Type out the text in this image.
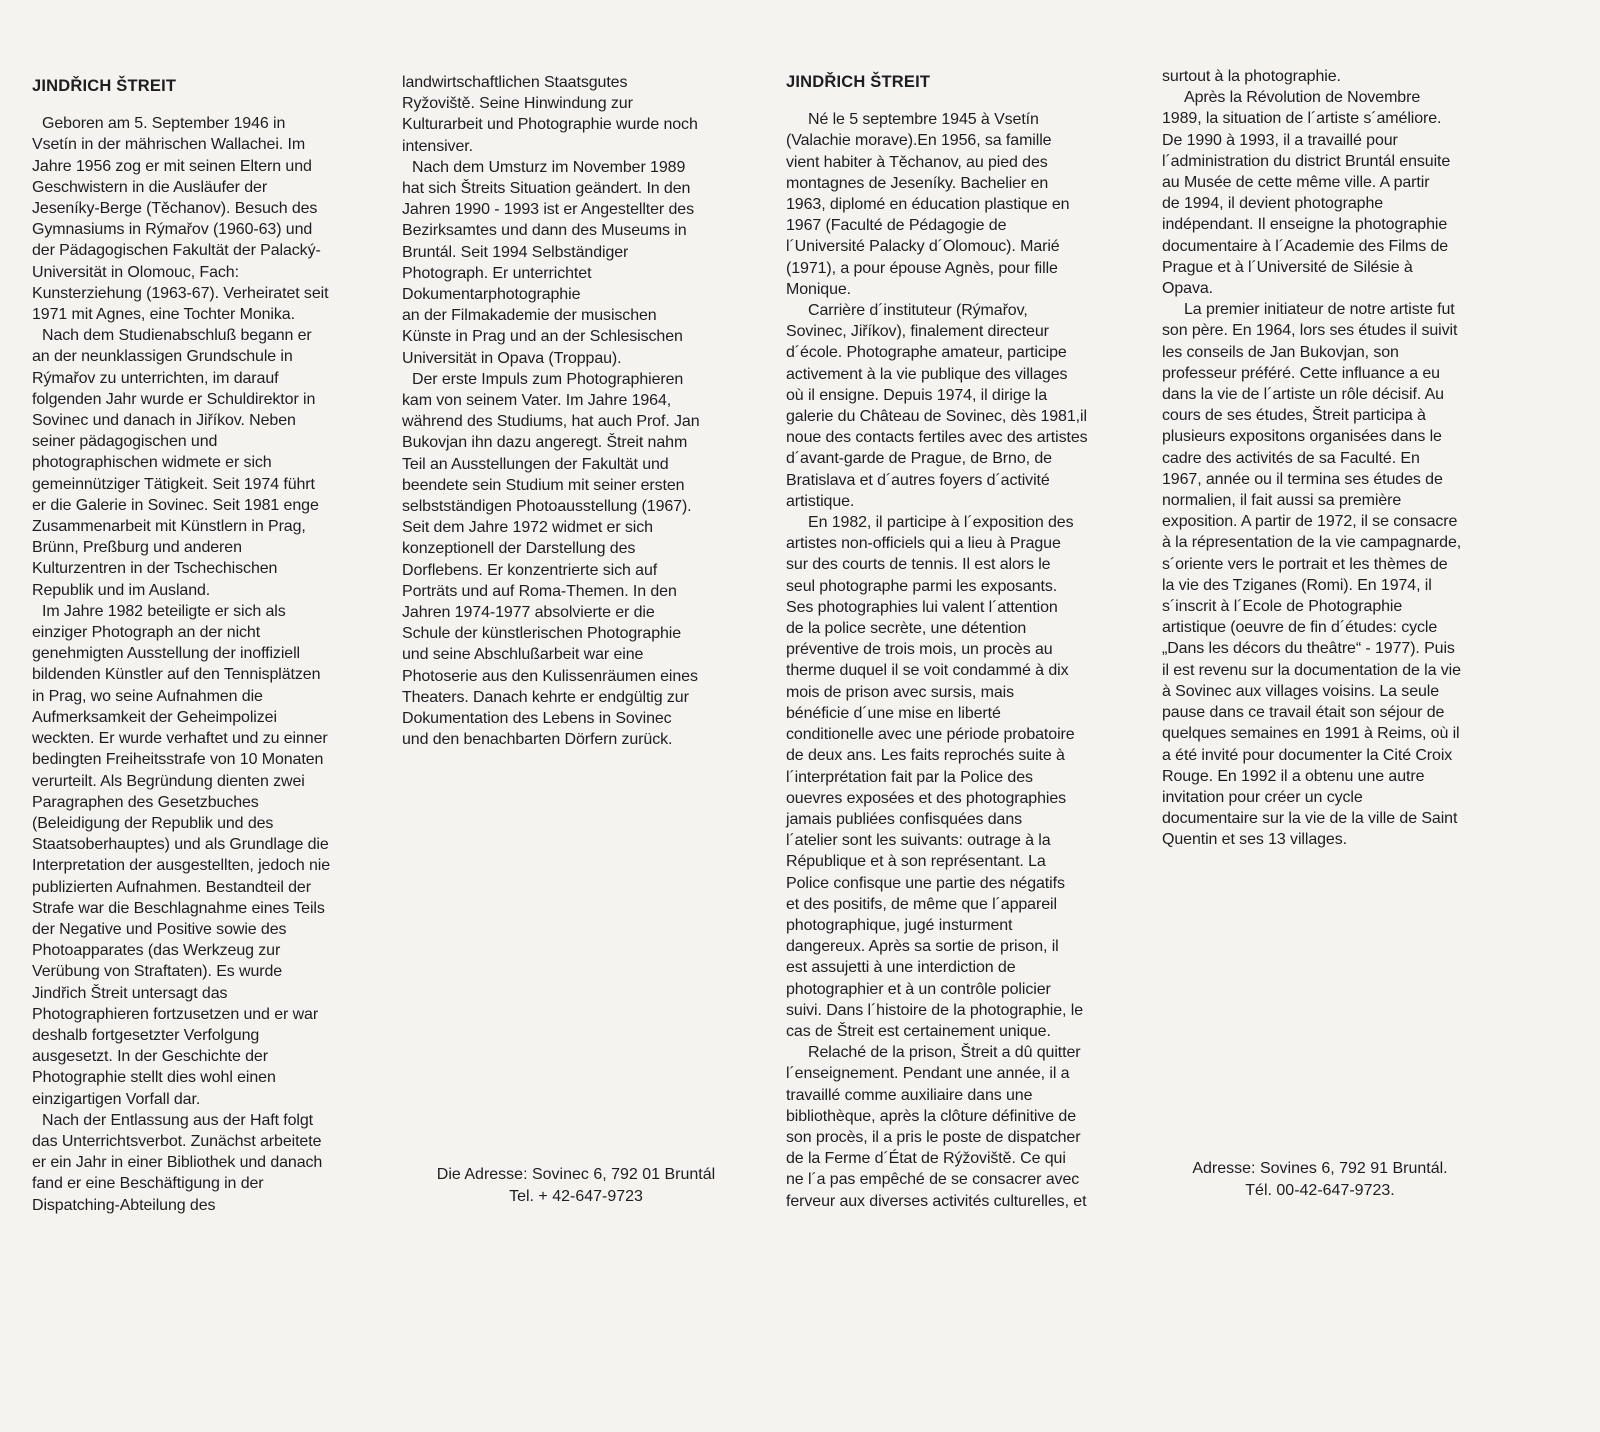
JINDŘICH ŠTREIT
Geboren am 5. September 1946 in
Vsetín in der mährischen Wallachei. Im
Jahre 1956 zog er mit seinen Eltern und
Geschwistern in die Ausläufer der
Jeseníky-Berge (Těchanov). Besuch des
Gymnasiums in Rýmařov (1960-63) und
der Pädagogischen Fakultät der Palacký-
Universität in Olomouc, Fach:
Kunsterziehung (1963-67). Verheiratet seit
1971 mit Agnes, eine Tochter Monika.
Nach dem Studienabschluß begann er
an der neunklassigen Grundschule in
Rýmařov zu unterrichten, im darauf
folgenden Jahr wurde er Schuldirektor in
Sovinec und danach in Jiříkov. Neben
seiner pädagogischen und
photographischen widmete er sich
gemeinnütziger Tätigkeit. Seit 1974 führt
er die Galerie in Sovinec. Seit 1981 enge
Zusammenarbeit mit Künstlern in Prag,
Brünn, Preßburg und anderen
Kulturzentren in der Tschechischen
Republik und im Ausland.
Im Jahre 1982 beteiligte er sich als
einziger Photograph an der nicht
genehmigten Ausstellung der inoffiziell
bildenden Künstler auf den Tennisplätzen
in Prag, wo seine Aufnahmen die
Aufmerksamkeit der Geheimpolizei
weckten. Er wurde verhaftet und zu einner
bedingten Freiheitsstrafe von 10 Monaten
verurteilt. Als Begründung dienten zwei
Paragraphen des Gesetzbuches
(Beleidigung der Republik und des
Staatsoberhauptes) und als Grundlage die
Interpretation der ausgestellten, jedoch nie
publizierten Aufnahmen. Bestandteil der
Strafe war die Beschlagnahme eines Teils
der Negative und Positive sowie des
Photoapparates (das Werkzeug zur
Verübung von Straftaten). Es wurde
Jindřich Štreit untersagt das
Photographieren fortzusetzen und er war
deshalb fortgesetzter Verfolgung
ausgesetzt. In der Geschichte der
Photographie stellt dies wohl einen
einzigartigen Vorfall dar.
Nach der Entlassung aus der Haft folgt
das Unterrichtsverbot. Zunächst arbeitete
er ein Jahr in einer Bibliothek und danach
fand er eine Beschäftigung in der
Dispatching-Abteilung des
landwirtschaftlichen Staatsgutes
Ryžoviště. Seine Hinwindung zur
Kulturarbeit und Photographie wurde noch
intensiver.
Nach dem Umsturz im November 1989
hat sich Štreits Situation geändert. In den
Jahren 1990 - 1993 ist er Angestellter des
Bezirksamtes und dann des Museums in
Bruntál. Seit 1994 Selbständiger
Photograph. Er unterrichtet
Dokumentarphotographie
an der Filmakademie der musischen
Künste in Prag und an der Schlesischen
Universität in Opava (Troppau).
Der erste Impuls zum Photographieren
kam von seinem Vater. Im Jahre 1964,
während des Studiums, hat auch Prof. Jan
Bukovjan ihn dazu angeregt. Štreit nahm
Teil an Ausstellungen der Fakultät und
beendete sein Studium mit seiner ersten
selbstständigen Photoausstellung (1967).
Seit dem Jahre 1972 widmet er sich
konzeptionell der Darstellung des
Dorflebens. Er konzentrierte sich auf
Porträts und auf Roma-Themen. In den
Jahren 1974-1977 absolvierte er die
Schule der künstlerischen Photographie
und seine Abschlußarbeit war eine
Photoserie aus den Kulissenräumen eines
Theaters. Danach kehrte er endgültig zur
Dokumentation des Lebens in Sovinec
und den benachbarten Dörfern zurück.
Die Adresse: Sovinec 6, 792 01 Bruntál
Tel. + 42-647-9723
JINDŘICH ŠTREIT
Né le 5 septembre 1945 à Vsetín
(Valachie morave).En 1956, sa famille
vient habiter à Těchanov, au pied des
montagnes de Jeseníky. Bachelier en
1963, diplomé en éducation plastique en
1967 (Faculté de Pédagogie de
l´Université Palacky d´Olomouc). Marié
(1971), a pour épouse Agnès, pour fille
Monique.
Carrière d´instituteur (Rýmařov,
Sovinec, Jiříkov), finalement directeur
d´école. Photographe amateur, participe
activement à la vie publique des villages
où il ensigne. Depuis 1974, il dirige la
galerie du Château de Sovinec, dès 1981,il
noue des contacts fertiles avec des artistes
d´avant-garde de Prague, de Brno, de
Bratislava et d´autres foyers d´activité
artistique.
En 1982, il participe à l´exposition des
artistes non-officiels qui a lieu à Prague
sur des courts de tennis. Il est alors le
seul photographe parmi les exposants.
Ses photographies lui valent l´attention
de la police secrète, une détention
préventive de trois mois, un procès au
therme duquel il se voit condammé à dix
mois de prison avec sursis, mais
bénéficie d´une mise en liberté
conditionelle avec une période probatoire
de deux ans. Les faits reprochés suite à
l´interprétation fait par la Police des
ouevres exposées et des photographies
jamais publiées confisquées dans
l´atelier sont les suivants: outrage à la
République et à son représentant. La
Police confisque une partie des négatifs
et des positifs, de même que l´appareil
photographique, jugé insturment
dangereux. Après sa sortie de prison, il
est assujetti à une interdiction de
photographier et à un contrôle policier
suivi. Dans l´histoire de la photographie, le
cas de Štreit est certainement unique.
Relaché de la prison, Štreit a dû quitter
l´enseignement. Pendant une année, il a
travaillé comme auxiliaire dans une
bibliothèque, après la clôture définitive de
son procès, il a pris le poste de dispatcher
de la Ferme d´État de Rýžoviště. Ce qui
ne l´a pas empêché de se consacrer avec
ferveur aux diverses activités culturelles, et
surtout à la photographie.
Après la Révolution de Novembre
1989, la situation de l´artiste s´améliore.
De 1990 à 1993, il a travaillé pour
l´administration du district Bruntál ensuite
au Musée de cette même ville. A partir
de 1994, il devient photographe
indépendant. Il enseigne la photographie
documentaire à l´Academie des Films de
Prague et à l´Université de Silésie à
Opava.
La premier initiateur de notre artiste fut
son père. En 1964, lors ses études il suivit
les conseils de Jan Bukovjan, son
professeur préféré. Cette influance a eu
dans la vie de l´artiste un rôle décisif. Au
cours de ses études, Štreit participa à
plusieurs expositons organisées dans le
cadre des activités de sa Faculté. En
1967, année ou il termina ses études de
normalien, il fait aussi sa première
exposition. A partir de 1972, il se consacre
à la répresentation de la vie campagnarde,
s´oriente vers le portrait et les thèmes de
la vie des Tziganes (Romi). En 1974, il
s´inscrit à l´Ecole de Photographie
artistique (oeuvre de fin d´études: cycle
„Dans les décors du theâtre“ - 1977). Puis
il est revenu sur la documentation de la vie
à Sovinec aux villages voisins. La seule
pause dans ce travail était son séjour de
quelques semaines en 1991 à Reims, où il
a été invité pour documenter la Cité Croix
Rouge. En 1992 il a obtenu une autre
invitation pour créer un cycle
documentaire sur la vie de la ville de Saint
Quentin et ses 13 villages.
Adresse: Sovines 6, 792 91 Bruntál.
Tél. 00-42-647-9723.
